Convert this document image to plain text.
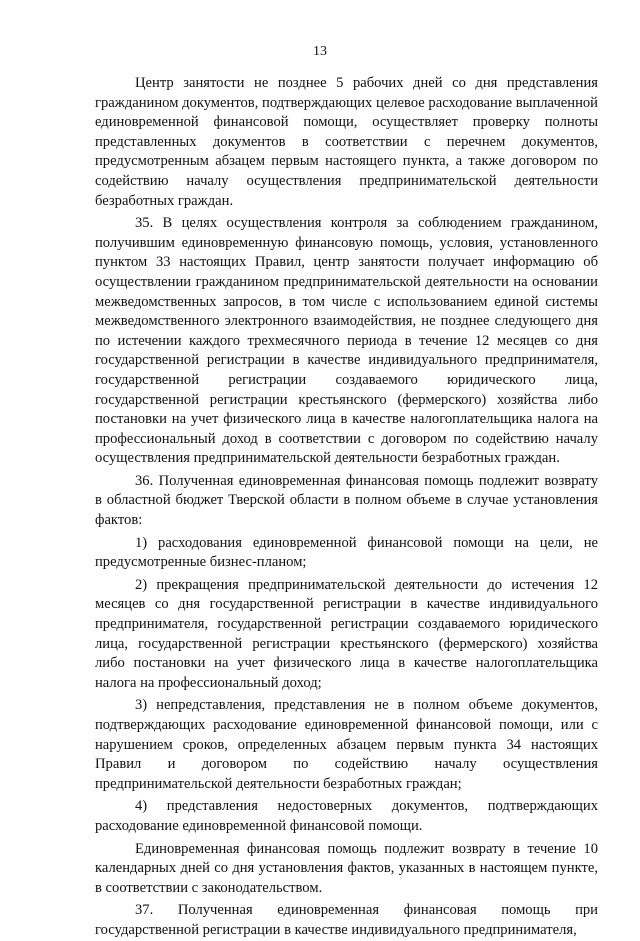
13

Центр занятости не позднее 5 рабочих дней со дня представления гражданином документов, подтверждающих целевое расходование выплаченной единовременной финансовой помощи, осуществляет проверку полноты представленных документов в соответствии с перечнем документов, предусмотренным абзацем первым настоящего пункта, а также договором по содействию началу осуществления предпринимательской деятельности безработных граждан.

35. В целях осуществления контроля за соблюдением гражданином, получившим единовременную финансовую помощь, условия, установленного пунктом 33 настоящих Правил, центр занятости получает информацию об осуществлении гражданином предпринимательской деятельности на основании межведомственных запросов, в том числе с использованием единой системы межведомственного электронного взаимодействия, не позднее следующего дня по истечении каждого трехмесячного периода в течение 12 месяцев со дня государственной регистрации в качестве индивидуального предпринимателя, государственной регистрации создаваемого юридического лица, государственной регистрации крестьянского (фермерского) хозяйства либо постановки на учет физического лица в качестве налогоплательщика налога на профессиональный доход в соответствии с договором по содействию началу осуществления предпринимательской деятельности безработных граждан.

36. Полученная единовременная финансовая помощь подлежит возврату в областной бюджет Тверской области в полном объеме в случае установления фактов:

1) расходования единовременной финансовой помощи на цели, не предусмотренные бизнес-планом;

2) прекращения предпринимательской деятельности до истечения 12 месяцев со дня государственной регистрации в качестве индивидуального предпринимателя, государственной регистрации создаваемого юридического лица, государственной регистрации крестьянского (фермерского) хозяйства либо постановки на учет физического лица в качестве налогоплательщика налога на профессиональный доход;

3) непредставления, представления не в полном объеме документов, подтверждающих расходование единовременной финансовой помощи, или с нарушением сроков, определенных абзацем первым пункта 34 настоящих Правил и договором по содействию началу осуществления предпринимательской деятельности безработных граждан;

4) представления недостоверных документов, подтверждающих расходование единовременной финансовой помощи.

Единовременная финансовая помощь подлежит возврату в течение 10 календарных дней со дня установления фактов, указанных в настоящем пункте, в соответствии с законодательством.

37. Полученная единовременная финансовая помощь при государственной регистрации в качестве индивидуального предпринимателя,
